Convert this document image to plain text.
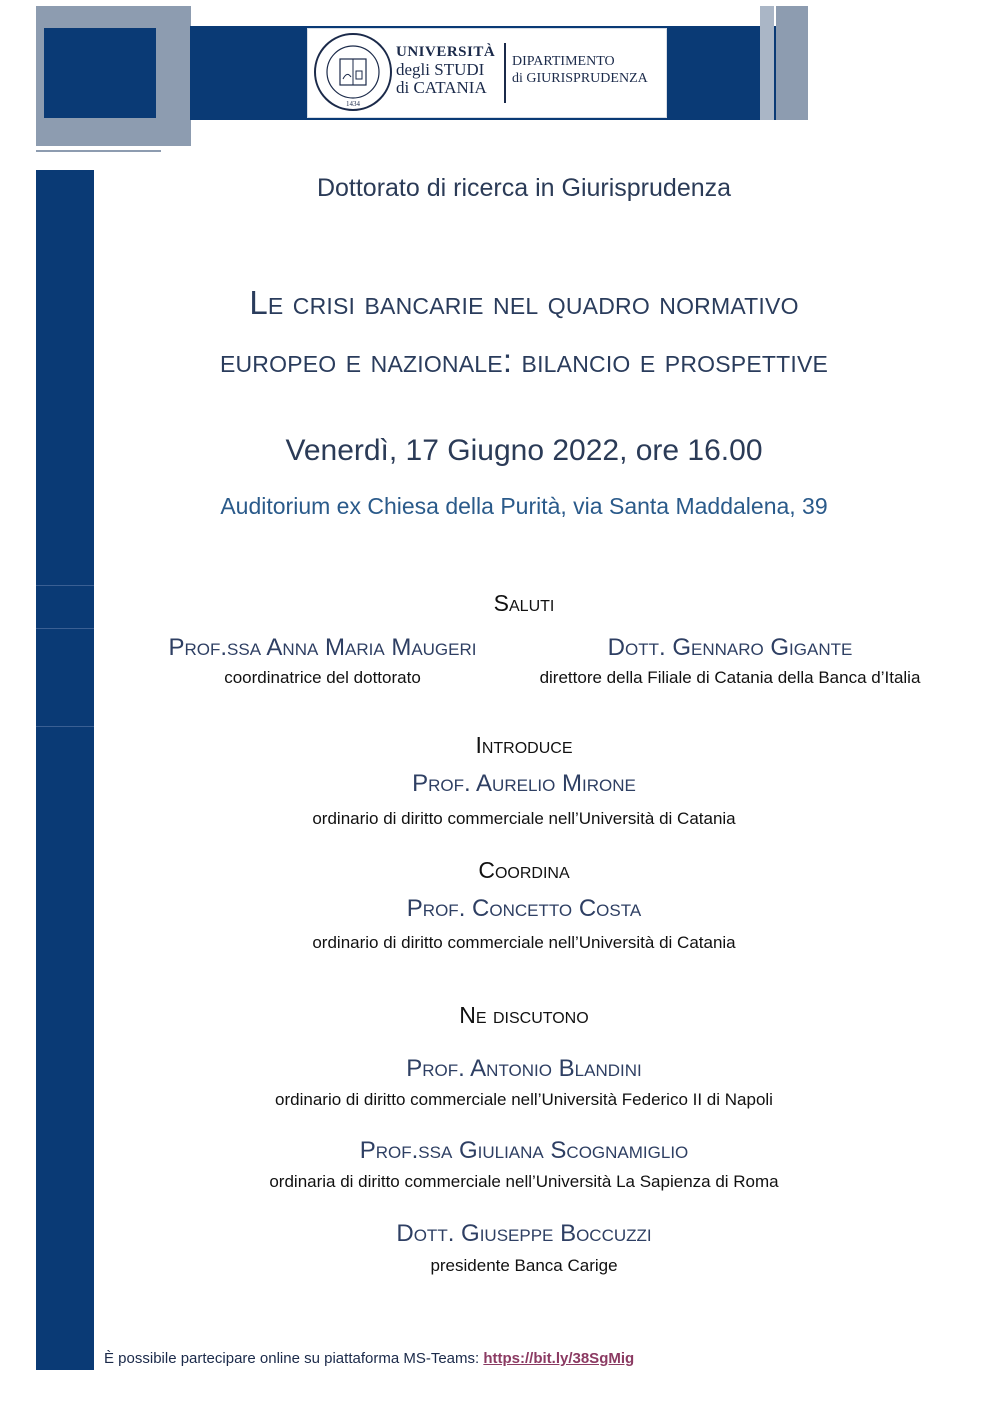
1434
UNIVERSITÀ
degli STUDI
di CATANIA
DIPARTIMENTO
di GIURISPRUDENZA
Dottorato di ricerca in Giurisprudenza
Le crisi bancarie nel quadro normativo
europeo e nazionale: bilancio e prospettive
Venerdì, 17 Giugno 2022, ore 16.00
Auditorium ex Chiesa della Purità, via Santa Maddalena, 39
Saluti
Prof.ssa Anna Maria Maugeri
coordinatrice del dottorato
Dott. Gennaro Gigante
direttore della Filiale di Catania della Banca d’Italia
Introduce
Prof. Aurelio Mirone
ordinario di diritto commerciale nell’Università di Catania
Coordina
Prof. Concetto Costa
ordinario di diritto commerciale nell’Università di Catania
Ne discutono
Prof. Antonio Blandini
ordinario di diritto commerciale nell’Università Federico II di Napoli
Prof.ssa Giuliana Scognamiglio
ordinaria di diritto commerciale nell’Università La Sapienza di Roma
Dott. Giuseppe Boccuzzi
presidente Banca Carige
È possibile partecipare online su piattaforma MS-Teams: https://bit.ly/38SgMig
